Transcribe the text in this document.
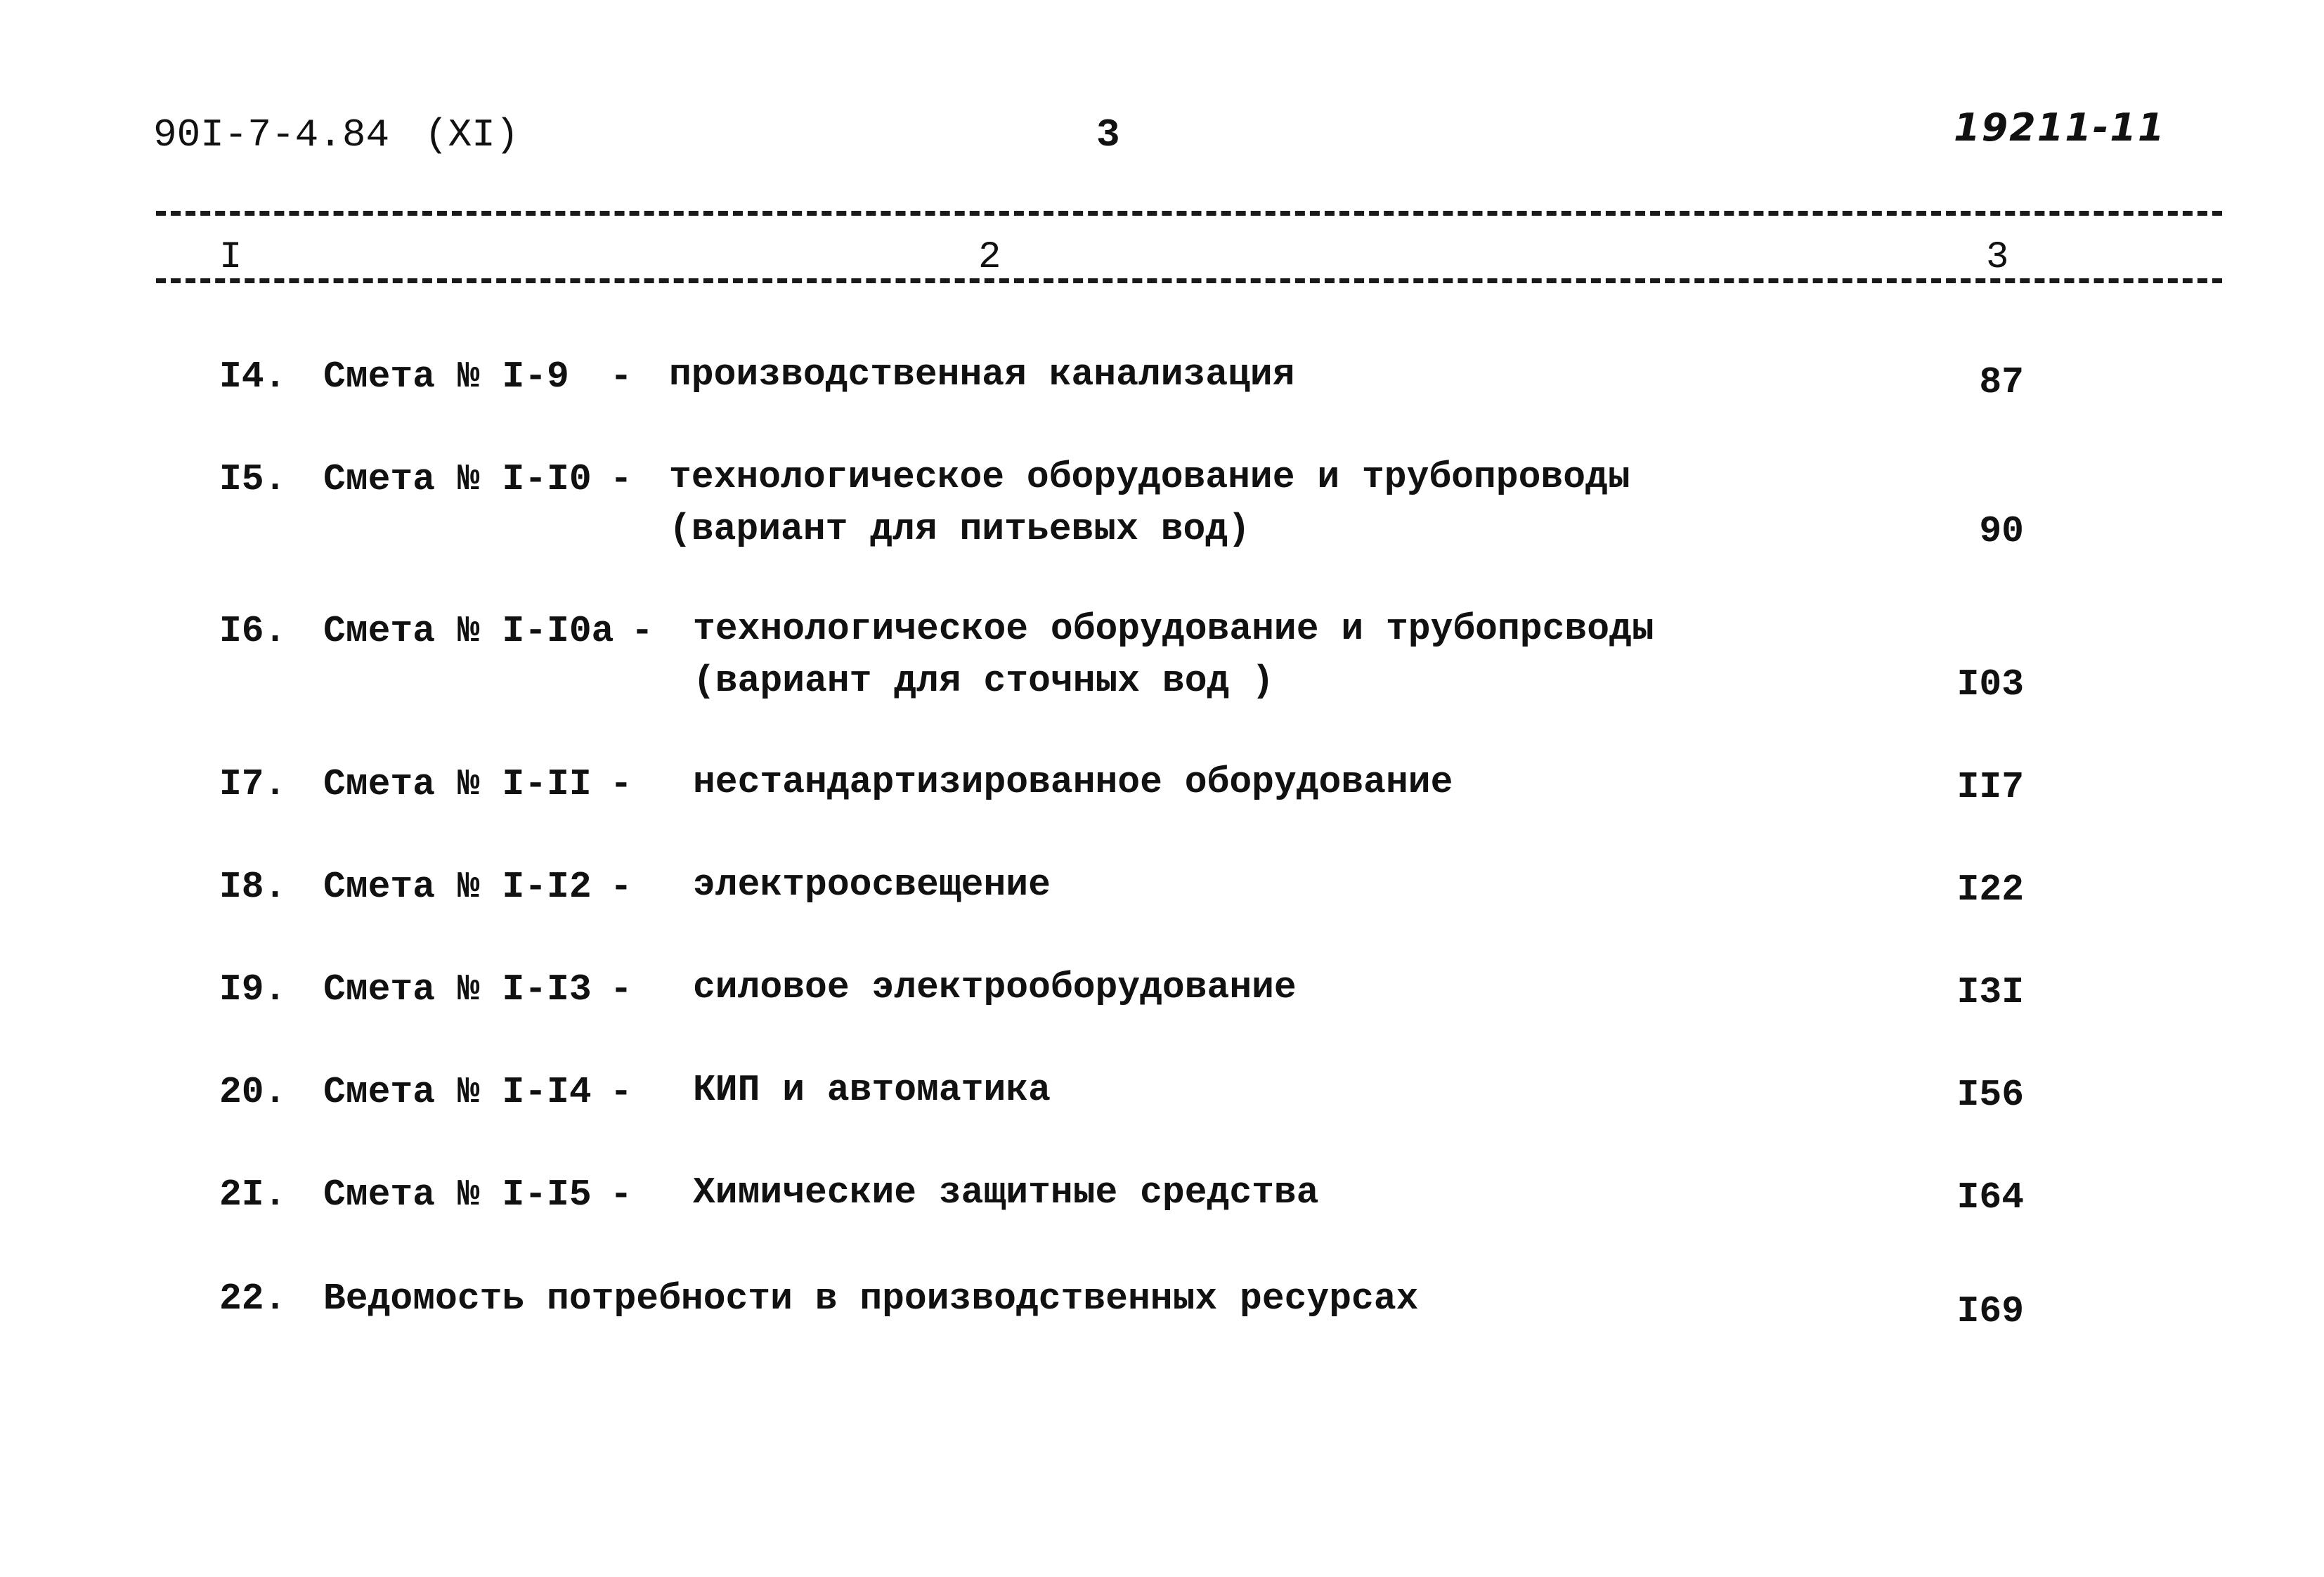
90I-7-4.84 (XI)	3	19211-11
I	2	3
I4. Смета № I-9 - производственная канализация	87
I5. Смета № I-I0 - технологическое оборудование и трубопроводы
(вариант для питьевых вод)	90
I6. Смета № I-I0а - технологическое оборудование и трубопрсводы
(вариант для сточных вод )	I03
I7. Смета № I-II - нестандартизированное оборудование	II7
I8. Смета № I-I2 - электроосвещение	I22
I9. Смета № I-I3 - силовое электрооборудование	I3I
20. Смета № I-I4 - КИП и автоматика	I56
2I. Смета № I-I5 - Химические защитные средства	I64
22. Ведомость потребности в производственных ресурсах	I69
